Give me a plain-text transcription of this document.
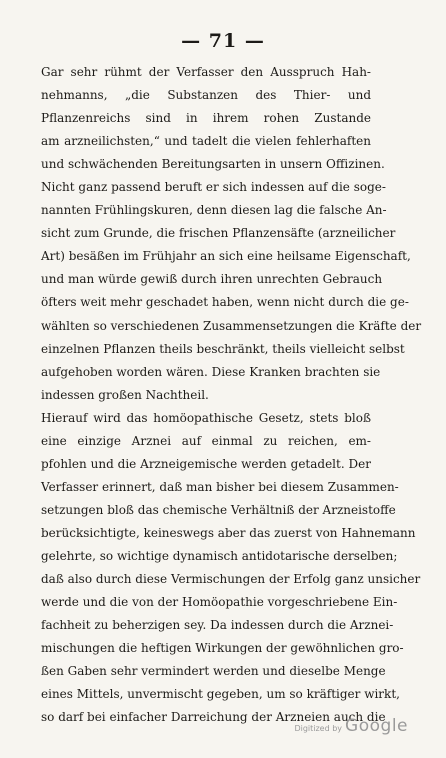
— 71 —
Gar sehr rühmt der Verfasser den Ausspruch Hah-
nehmanns, „die Substanzen des Thier- und
Pflanzenreichs sind in ihrem rohen Zustande
am arzneilichsten,“ und tadelt die vielen fehlerhaften
und schwächenden Bereitungsarten in unsern Offizinen.
Nicht ganz passend beruft er sich indessen auf die soge-
nannten Frühlingskuren, denn diesen lag die falsche An-
sicht zum Grunde, die frischen Pflanzensäfte (arzneilicher
Art) besäßen im Frühjahr an sich eine heilsame Eigenschaft,
und man würde gewiß durch ihren unrechten Gebrauch
öfters weit mehr geschadet haben, wenn nicht durch die ge-
wählten so verschiedenen Zusammensetzungen die Kräfte der
einzelnen Pflanzen theils beschränkt, theils vielleicht selbst
aufgehoben worden wären. Diese Kranken brachten sie
indessen großen Nachtheil.
Hierauf wird das homöopathische Gesetz, stets bloß
eine einzige Arznei auf einmal zu reichen, em-
pfohlen und die Arzneigemische werden getadelt. Der
Verfasser erinnert, daß man bisher bei diesem Zusammen-
setzungen bloß das chemische Verhältniß der Arzneistoffe
berücksichtigte, keineswegs aber das zuerst von Hahnemann
gelehrte, so wichtige dynamisch antidotarische derselben;
daß also durch diese Vermischungen der Erfolg ganz unsicher
werde und die von der Homöopathie vorgeschriebene Ein-
fachheit zu beherzigen sey. Da indessen durch die Arznei-
mischungen die heftigen Wirkungen der gewöhnlichen gro-
ßen Gaben sehr vermindert werden und dieselbe Menge
eines Mittels, unvermischt gegeben, um so kräftiger wirkt,
so darf bei einfacher Darreichung der Arzneien auch die
Digitized by Google
